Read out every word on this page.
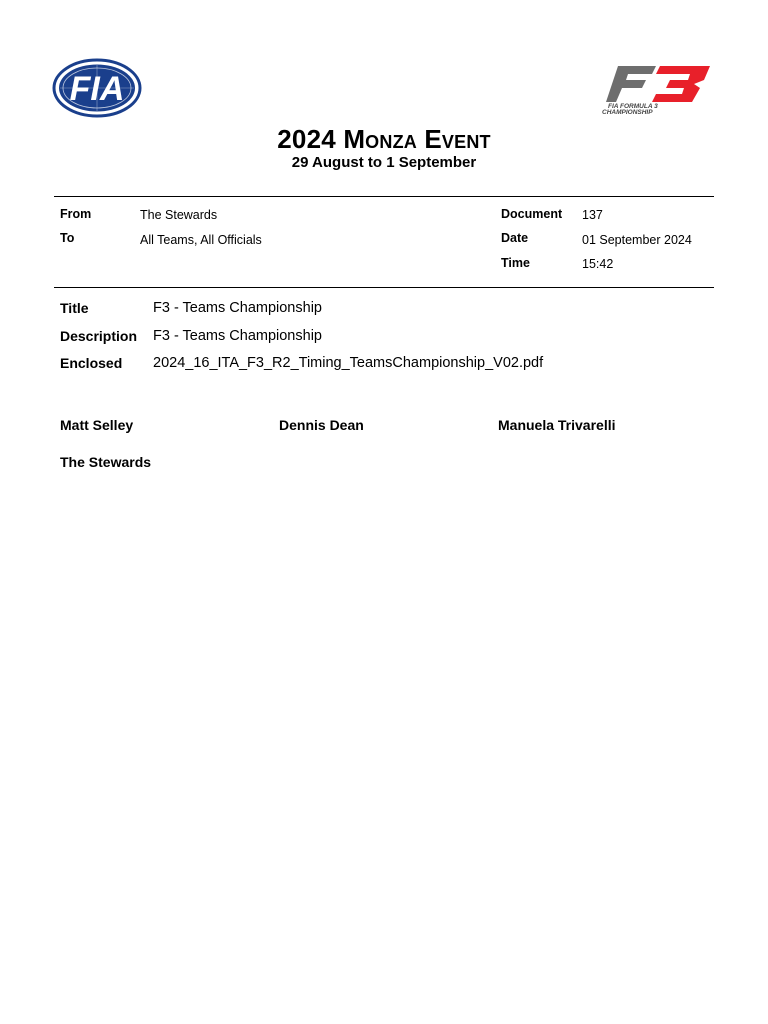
FIA	FIA FORMULA 3
CHAMPIONSHIP
F3
2024 Monza Event
29 August to 1 September
From	The Stewards
To	All Teams, All Officials
Document 137
Date	01 September 2024
Time	15:42
Title	F3 - Teams Championship
Description F3 - Teams Championship
Enclosed 2024_16_ITA_F3_R2_Timing_TeamsChampionship_V02.pdf
Matt Selley	Dennis Dean	Manuela Trivarelli
The Stewards
